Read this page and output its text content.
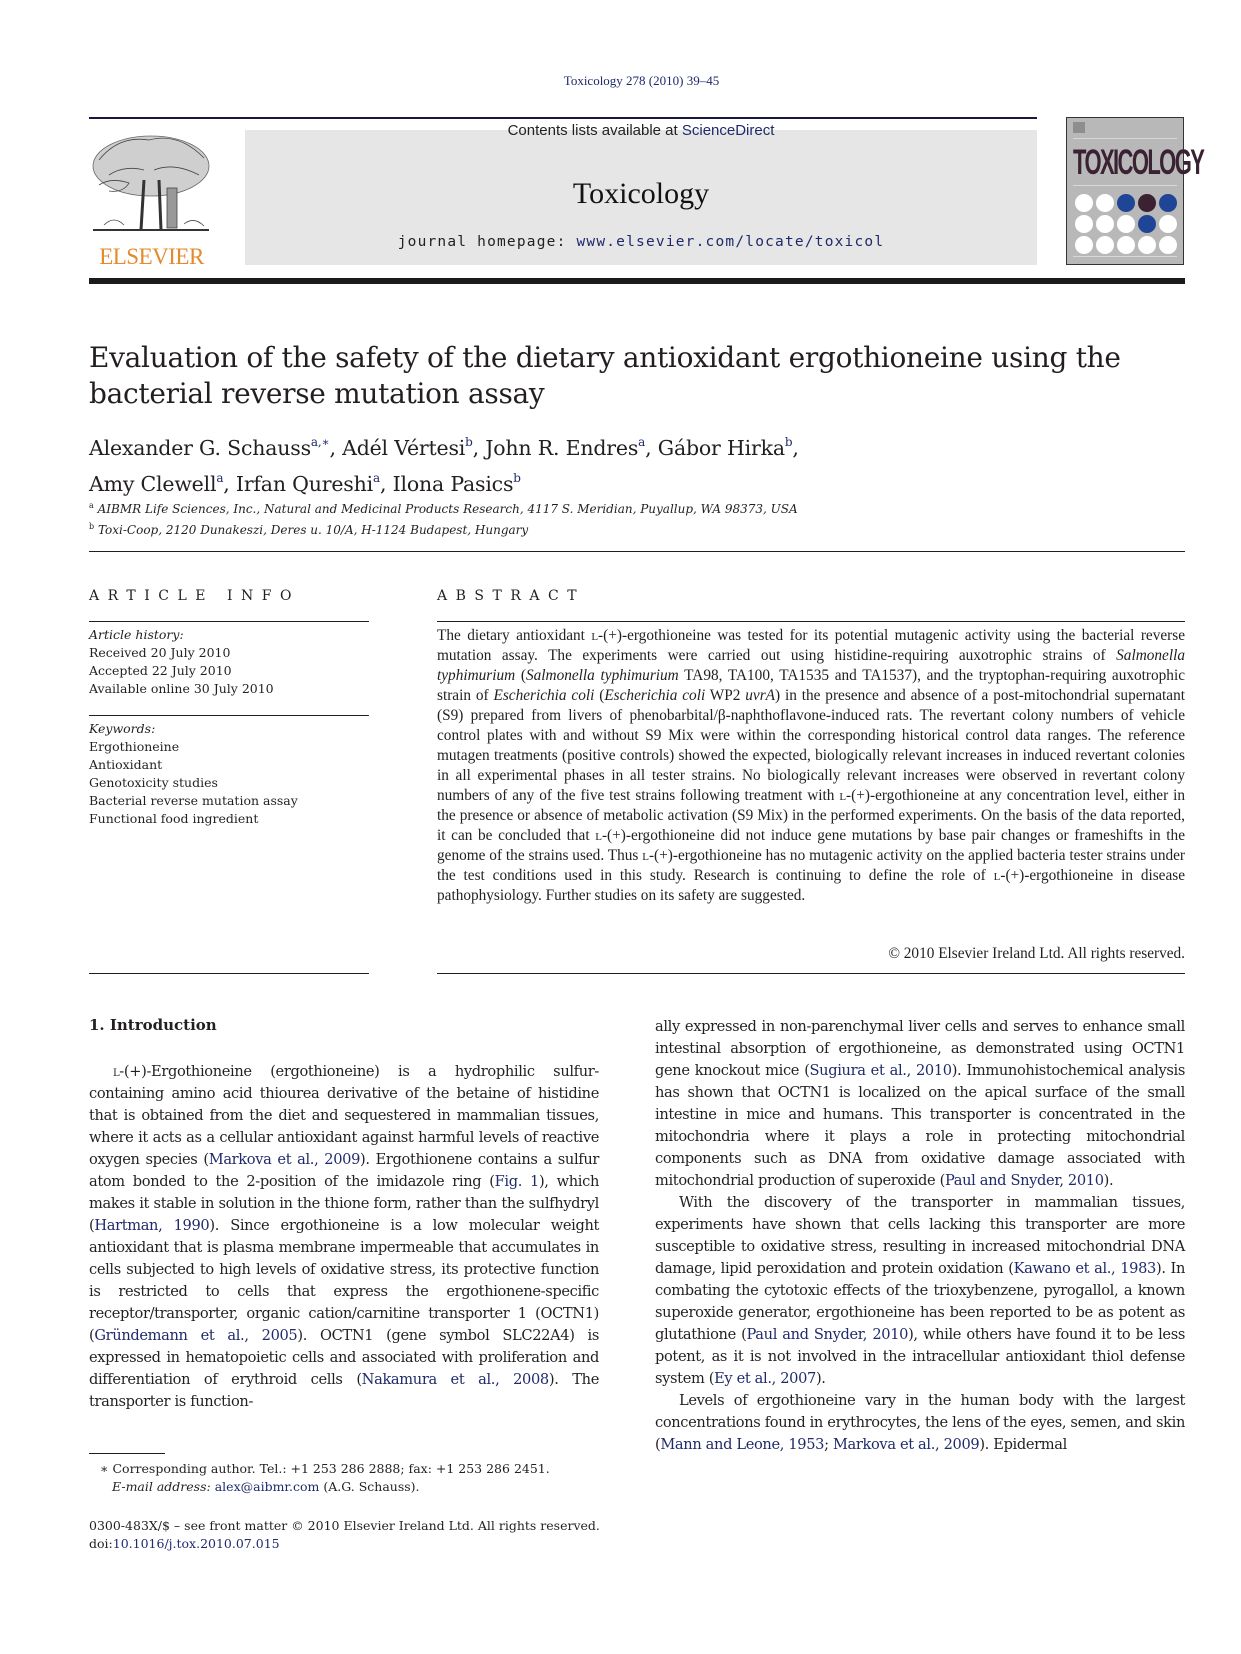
Toxicology 278 (2010) 39–45
ELSEVIER
Contents lists available at ScienceDirect
Toxicology
journal homepage: www.elsevier.com/locate/toxicol
TOXICOLOGY
Evaluation of the safety of the dietary antioxidant ergothioneine using the bacterial reverse mutation assay
Alexander G. Schauss$^{a,∗}$, Adél Vértesi$^b$, John R. Endres$^a$, Gábor Hirka$^b$,
Amy Clewell$^a$, Irfan Qureshi$^a$, Ilona Pasics$^b$
$^a$ AIBMR Life Sciences, Inc., Natural and Medicinal Products Research, 4117 S. Meridian, Puyallup, WA 98373, USA
$^b$ Toxi-Coop, 2120 Dunakeszi, Deres u. 10/A, H-1124 Budapest, Hungary
ARTICLE INFO
Article history:
Received 20 July 2010
Accepted 22 July 2010
Available online 30 July 2010
Keywords:
Ergothioneine
Antioxidant
Genotoxicity studies
Bacterial reverse mutation assay
Functional food ingredient
ABSTRACT
The dietary antioxidant l-(+)-ergothioneine was tested for its potential mutagenic activity using the bacterial reverse mutation assay. The experiments were carried out using histidine-requiring auxotrophic strains of Salmonella typhimurium (Salmonella typhimurium TA98, TA100, TA1535 and TA1537), and the tryptophan-requiring auxotrophic strain of Escherichia coli (Escherichia coli WP2 uvrA) in the presence and absence of a post-mitochondrial supernatant (S9) prepared from livers of phenobarbital/β-naphthoflavone-induced rats. The revertant colony numbers of vehicle control plates with and without S9 Mix were within the corresponding historical control data ranges. The reference mutagen treatments (positive controls) showed the expected, biologically relevant increases in induced revertant colonies in all experimental phases in all tester strains. No biologically relevant increases were observed in revertant colony numbers of any of the five test strains following treatment with l-(+)-ergothioneine at any concentration level, either in the presence or absence of metabolic activation (S9 Mix) in the performed experiments. On the basis of the data reported, it can be concluded that l-(+)-ergothioneine did not induce gene mutations by base pair changes or frameshifts in the genome of the strains used. Thus l-(+)-ergothioneine has no mutagenic activity on the applied bacteria tester strains under the test conditions used in this study. Research is continuing to define the role of l-(+)-ergothioneine in disease pathophysiology. Further studies on its safety are suggested.
© 2010 Elsevier Ireland Ltd. All rights reserved.
1. Introduction

l-(+)-Ergothioneine (ergothioneine) is a hydrophilic sulfur-containing amino acid thiourea derivative of the betaine of histidine that is obtained from the diet and sequestered in mammalian tissues, where it acts as a cellular antioxidant against harmful levels of reactive oxygen species (Markova et al., 2009). Ergothionene contains a sulfur atom bonded to the 2-position of the imidazole ring (Fig. 1), which makes it stable in solution in the thione form, rather than the sulfhydryl (Hartman, 1990). Since ergothioneine is a low molecular weight antioxidant that is plasma membrane impermeable that accumulates in cells subjected to high levels of oxidative stress, its protective function is restricted to cells that express the ergothionene-specific receptor/transporter, organic cation/carnitine transporter 1 (OCTN1) (Gründemann et al., 2005). OCTN1 (gene symbol SLC22A4) is expressed in hematopoietic cells and associated with proliferation and differentiation of erythroid cells (Nakamura et al., 2008). The transporter is function-

ally expressed in non-parenchymal liver cells and serves to enhance small intestinal absorption of ergothioneine, as demonstrated using OCTN1 gene knockout mice (Sugiura et al., 2010). Immunohistochemical analysis has shown that OCTN1 is localized on the apical surface of the small intestine in mice and humans. This transporter is concentrated in the mitochondria where it plays a role in protecting mitochondrial components such as DNA from oxidative damage associated with mitochondrial production of superoxide (Paul and Snyder, 2010).

With the discovery of the transporter in mammalian tissues, experiments have shown that cells lacking this transporter are more susceptible to oxidative stress, resulting in increased mitochondrial DNA damage, lipid peroxidation and protein oxidation (Kawano et al., 1983). In combating the cytotoxic effects of the trioxybenzene, pyrogallol, a known superoxide generator, ergothioneine has been reported to be as potent as glutathione (Paul and Snyder, 2010), while others have found it to be less potent, as it is not involved in the intracellular antioxidant thiol defense system (Ey et al., 2007).

Levels of ergothioneine vary in the human body with the largest concentrations found in erythrocytes, the lens of the eyes, semen, and skin (Mann and Leone, 1953; Markova et al., 2009). Epidermal

∗ Corresponding author. Tel.: +1 253 286 2888; fax: +1 253 286 2451.
E-mail address: alex@aibmr.com (A.G. Schauss).
0300-483X/$ – see front matter © 2010 Elsevier Ireland Ltd. All rights reserved.
doi:10.1016/j.tox.2010.07.015
